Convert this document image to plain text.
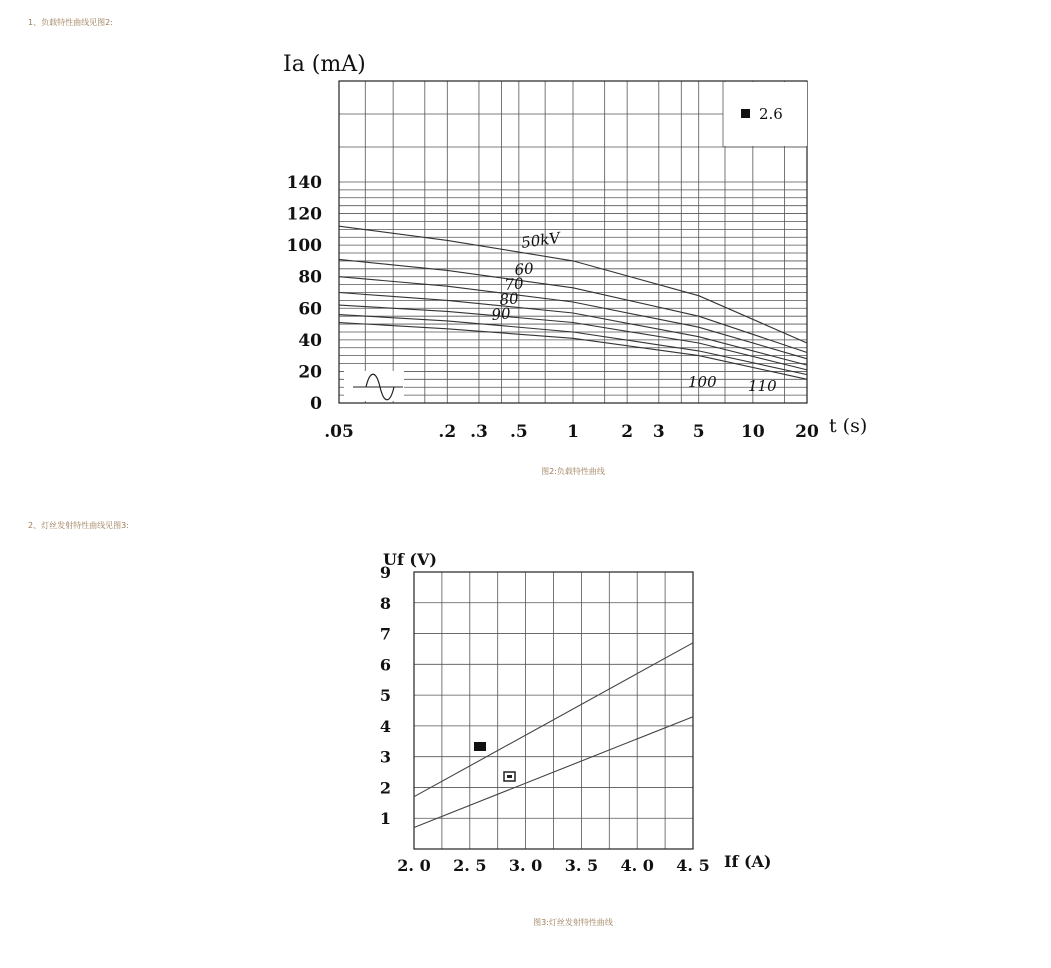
1、负载特性曲线见图2:
2、灯丝发射特性曲线见图3:
图2:负载特性曲线
图3:灯丝发射特性曲线
2.6
50kV
60
70
80
90
100 110
0
20
40
60
80
100
120
140
.05	.2 .3 .5 1 2 3 5 10 20
Ia (mA)
t (s)
1
2
3
4
5
6
7
8
9
2. 0 2. 5 3. 0 3. 5 4. 0 4. 5
Uf (V)
If (A)
